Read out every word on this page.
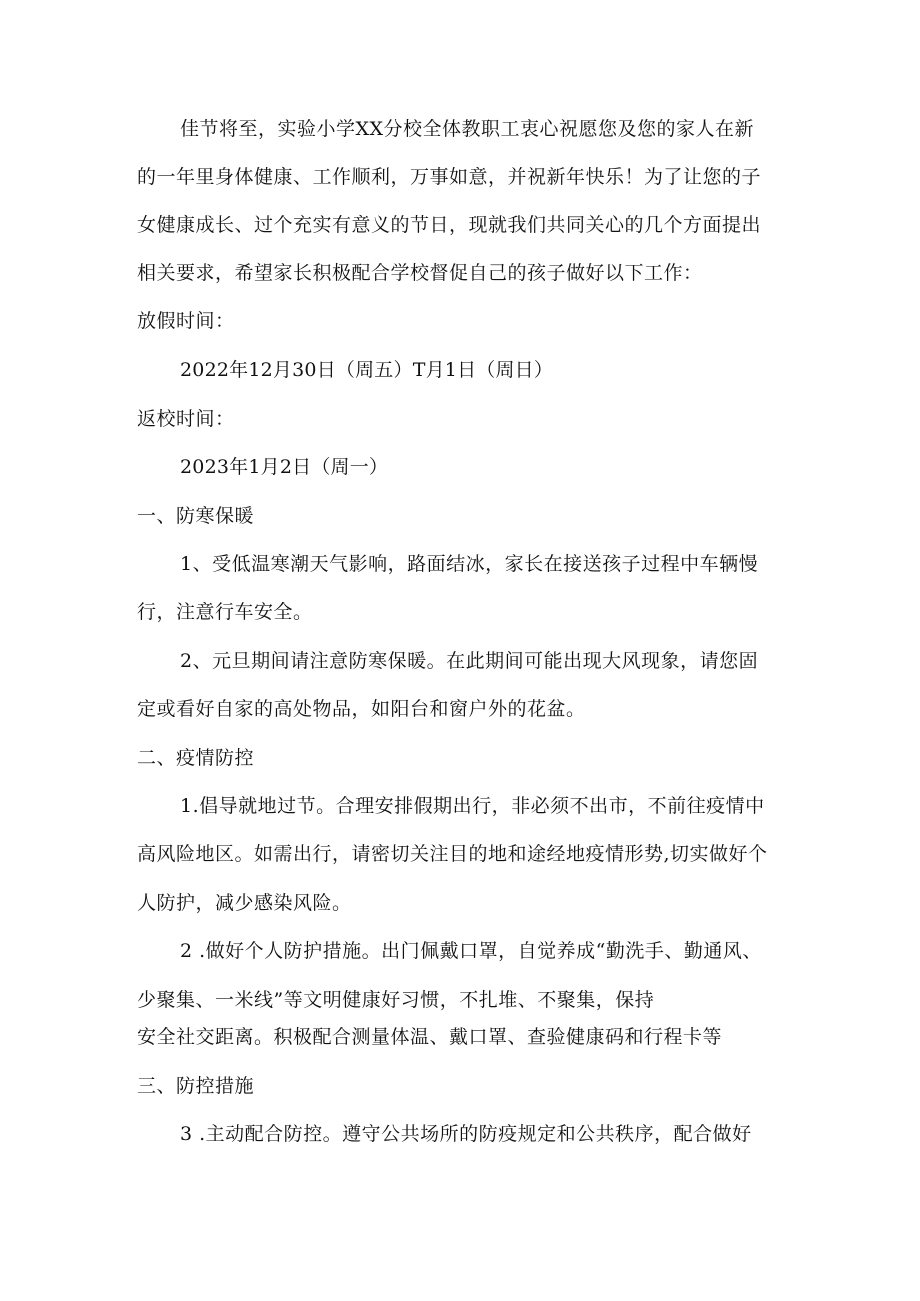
佳节将至，实验小学XX分校全体教职工衷心祝愿您及您的家人在新
的一年里身体健康、工作顺利，万事如意，并祝新年快乐！为了让您的子
女健康成长、过个充实有意义的节日，现就我们共同关心的几个方面提出
相关要求，希望家长积极配合学校督促自己的孩子做好以下工作：
放假时间：
2022年12月30日（周五）T月1日（周日）
返校时间：
2023年1月2日（周一）
一、防寒保暖
1、受低温寒潮天气影响，路面结冰，家长在接送孩子过程中车辆慢
行，注意行车安全。
2、元旦期间请注意防寒保暖。在此期间可能出现大风现象，请您固
定或看好自家的高处物品，如阳台和窗户外的花盆。
二、疫情防控
1.倡导就地过节。合理安排假期出行，非必须不出市，不前往疫情中
高风险地区。如需出行，请密切关注目的地和途经地疫情形势,切实做好个
人防护，减少感染风险。
2 .做好个人防护措施。出门佩戴口罩，自觉养成“勤洗手、勤通风、
少聚集、一米线”等文明健康好习惯，不扎堆、不聚集，保持
安全社交距离。积极配合测量体温、戴口罩、查验健康码和行程卡等
三、防控措施
3 .主动配合防控。遵守公共场所的防疫规定和公共秩序，配合做好
